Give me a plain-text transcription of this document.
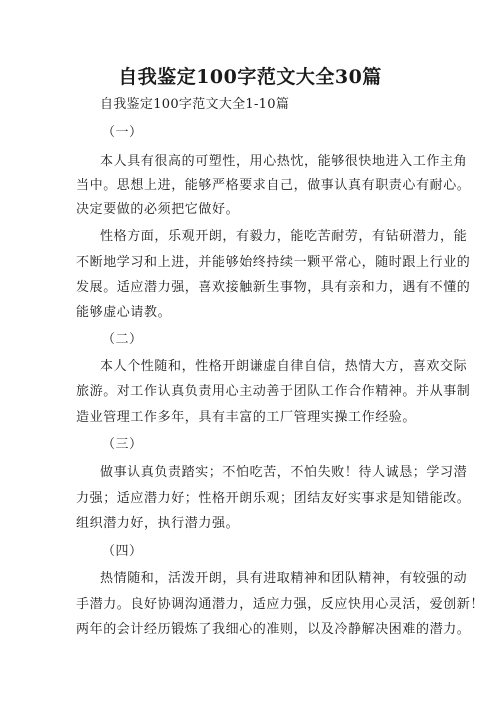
自我鉴定100字范文大全30篇
自我鉴定100字范文大全1-10篇
（一）
本人具有很高的可塑性，用心热忱，能够很快地进入工作主角
当中。思想上进，能够严格要求自己，做事认真有职责心有耐心。
决定要做的必须把它做好。
性格方面，乐观开朗，有毅力，能吃苦耐劳，有钻研潜力，能
不断地学习和上进，并能够始终持续一颗平常心，随时跟上行业的
发展。适应潜力强，喜欢接触新生事物，具有亲和力，遇有不懂的
能够虚心请教。
（二）
本人个性随和，性格开朗谦虚自律自信，热情大方，喜欢交际
旅游。对工作认真负责用心主动善于团队工作合作精神。并从事制
造业管理工作多年，具有丰富的工厂管理实操工作经验。
（三）
做事认真负责踏实；不怕吃苦，不怕失败！待人诚恳；学习潜
力强；适应潜力好；性格开朗乐观；团结友好实事求是知错能改。
组织潜力好，执行潜力强。
（四）
热情随和，活泼开朗，具有进取精神和团队精神，有较强的动
手潜力。良好协调沟通潜力，适应力强，反应快用心灵活，爱创新！
两年的会计经历锻炼了我细心的准则，以及冷静解决困难的潜力。
